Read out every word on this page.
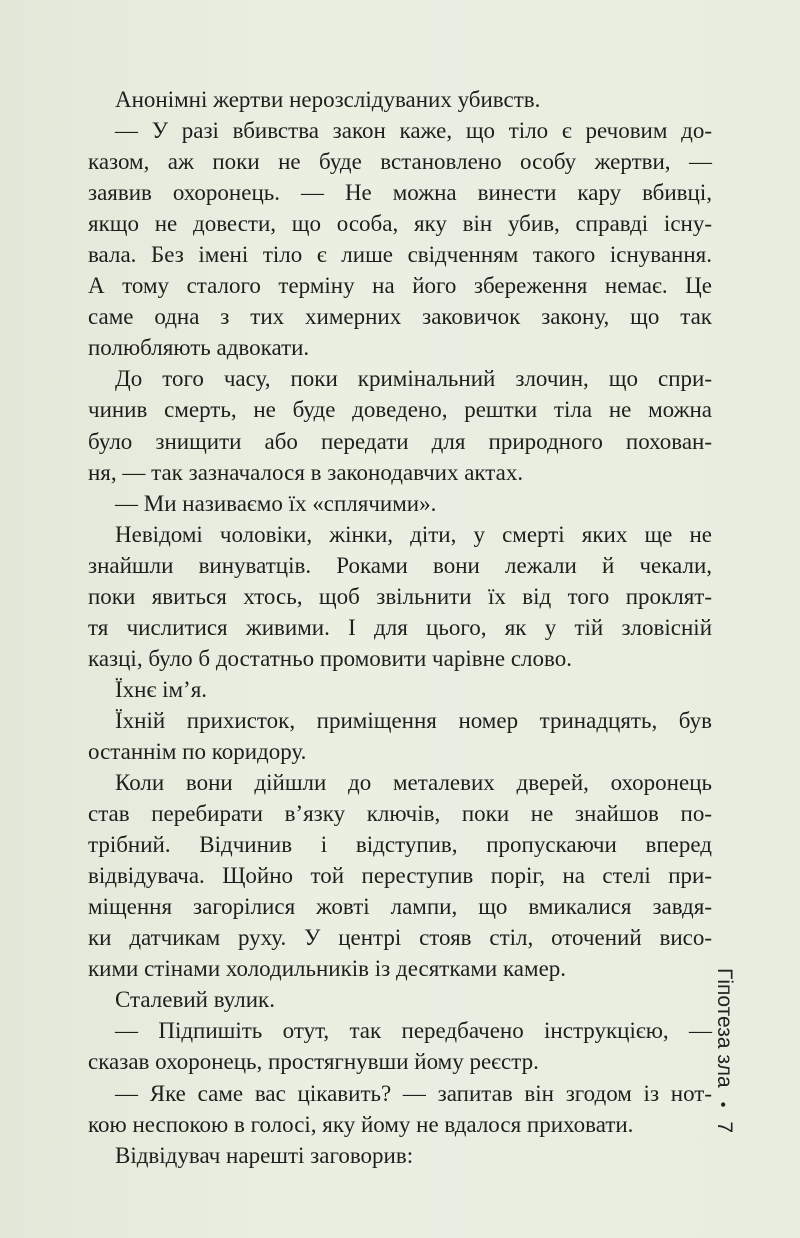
Анонімні жертви нерозслідуваних убивств.
— У разі вбивства закон каже, що тіло є речовим до-
казом, аж поки не буде встановлено особу жертви, —
заявив охоронець. — Не можна винести кару вбивці,
якщо не довести, що особа, яку він убив, справді існу-
вала. Без імені тіло є лише свідченням такого існування.
А тому сталого терміну на його збереження немає. Це
саме одна з тих химерних заковичок закону, що так
полюбляють адвокати.
До того часу, поки кримінальний злочин, що спри-
чинив смерть, не буде доведено, рештки тіла не можна
було знищити або передати для природного похован-
ня, — так зазначалося в законодавчих актах.
— Ми називаємо їх «сплячими».
Невідомі чоловіки, жінки, діти, у смерті яких ще не
знайшли винуватців. Роками вони лежали й чекали,
поки явиться хтось, щоб звільнити їх від того проклят-
тя числитися живими. І для цього, як у тій зловісній
казці, було б достатньо промовити чарівне слово.
Їхнє ім’я.
Їхній прихисток, приміщення номер тринадцять, був
останнім по коридору.
Коли вони дійшли до металевих дверей, охоронець
став перебирати в’язку ключів, поки не знайшов по-
трібний. Відчинив і відступив, пропускаючи вперед
відвідувача. Щойно той переступив поріг, на стелі при-
міщення загорілися жовті лампи, що вмикалися завдя-
ки датчикам руху. У центрі стояв стіл, оточений висо-
кими стінами холодильників із десятками камер.
Сталевий вулик.
— Підпишіть отут, так передбачено інструкцією, —
сказав охоронець, простягнувши йому реєстр.
— Яке саме вас цікавить? — запитав він згодом із нот-
кою неспокою в голосі, яку йому не вдалося приховати.
Відвідувач нарешті заговорив:
Гіпотеза зла•7
